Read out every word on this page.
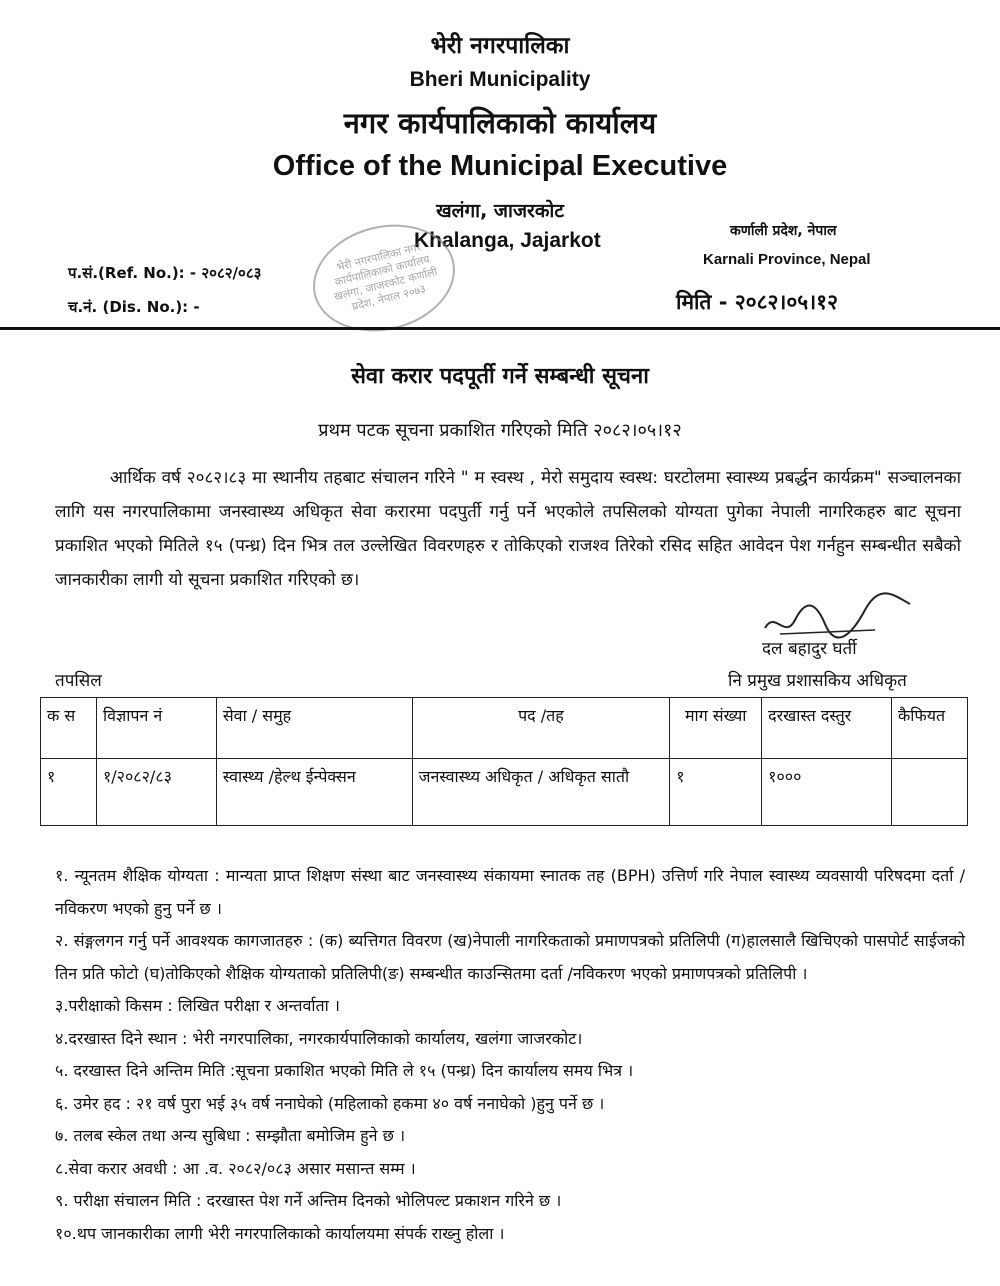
भेरी नगरपालिका
Bheri Municipality
नगर कार्यपालिकाको कार्यालय
Office of the Municipal Executive
खलंगा, जाजरकोट
Khalanga, Jajarkot	कर्णाली प्रदेश, नेपाल
Karnali Province, Nepal
प.सं.(Ref. No.): - २०८२/०८३
च.नं. (Dis. No.): -	मिति - २०८२।०५।१२
भेरी नगरपालिका नगर कार्यपालिकाको कार्यालय खलंगा, जाजरकोट कर्णाली प्रदेश, नेपाल २०७३
सेवा करार पदपूर्ती गर्ने सम्बन्धी सूचना
प्रथम पटक सूचना प्रकाशित गरिएको मिति २०८२।०५।१२
आर्थिक वर्ष २०८२।८३ मा स्थानीय तहबाट संचालन गरिने " म स्वस्थ , मेरो समुदाय स्वस्थ: घरटोलमा स्वास्थ्य प्रबर्द्धन कार्यक्रम" सञ्चालनका लागि यस नगरपालिकामा जनस्वास्थ्य अधिकृत सेवा करारमा पदपुर्ती गर्नु पर्ने भएकोले तपसिलको योग्यता पुगेका नेपाली नागरिकहरु बाट सूचना प्रकाशित भएको मितिले १५ (पन्ध्र) दिन भित्र तल उल्लेखित विवरणहरु र तोकिएको राजश्व तिरेको रसिद सहित आवेदन पेश गर्नहुन सम्बन्धीत सबैको जानकारीका लागी यो सूचना प्रकाशित गरिएको छ।
दल बहादुर घर्ती
तपसिल	नि प्रमुख प्रशासकिय अधिकृत
क स	विज्ञापन नं	सेवा / समुह	पद /तह	माग संख्या	दरखास्त दस्तुर	कैफियत
१	१/२०८२/८३	स्वास्थ्य /हेल्थ ईन्पेक्सन	जनस्वास्थ्य अधिकृत / अधिकृत सातौ	१	१०००	

१. न्यूनतम शैक्षिक योग्यता : मान्यता प्राप्त शिक्षण संस्था बाट जनस्वास्थ्य संकायमा स्नातक तह (BPH) उत्तिर्ण गरि नेपाल स्वास्थ्य व्यवसायी परिषदमा दर्ता /नविकरण भएको हुनु पर्ने छ ।

२. संङ्गलगन गर्नु पर्ने आवश्यक कागजातहरु : (क) ब्यत्तिगत विवरण (ख)नेपाली नागरिकताको प्रमाणपत्रको प्रतिलिपी (ग)हालसालै खिचिएको पासपोर्ट साईजको तिन प्रति फोटो (घ)तोकिएको शैक्षिक योग्यताको प्रतिलिपी(ङ) सम्बन्धीत काउन्सितमा दर्ता /नविकरण भएको प्रमाणपत्रको प्रतिलिपी ।

३.परीक्षाको किसम : लिखित परीक्षा र अन्तर्वाता ।

४.दरखास्त दिने स्थान : भेरी नगरपालिका, नगरकार्यपालिकाको कार्यालय, खलंगा जाजरकोट।

५. दरखास्त दिने अन्तिम मिति :सूचना प्रकाशित भएको मिति ले १५ (पन्ध्र) दिन कार्यालय समय भित्र ।

६. उमेर हद : २१ वर्ष पुरा भई ३५ वर्ष ननाघेको (महिलाको हकमा ४० वर्ष ननाघेको )हुनु पर्ने छ ।

७. तलब स्केल तथा अन्य सुबिधा : सम्झौता बमोजिम हुने छ ।

८.सेवा करार अवधी : आ .व. २०८२/०८३ असार मसान्त सम्म ।

९. परीक्षा संचालन मिति : दरखास्त पेश गर्ने अन्तिम दिनको भोलिपल्ट प्रकाशन गरिने छ ।

१०.थप जानकारीका लागी भेरी नगरपालिकाको कार्यालयमा संपर्क राख्नु होला ।
